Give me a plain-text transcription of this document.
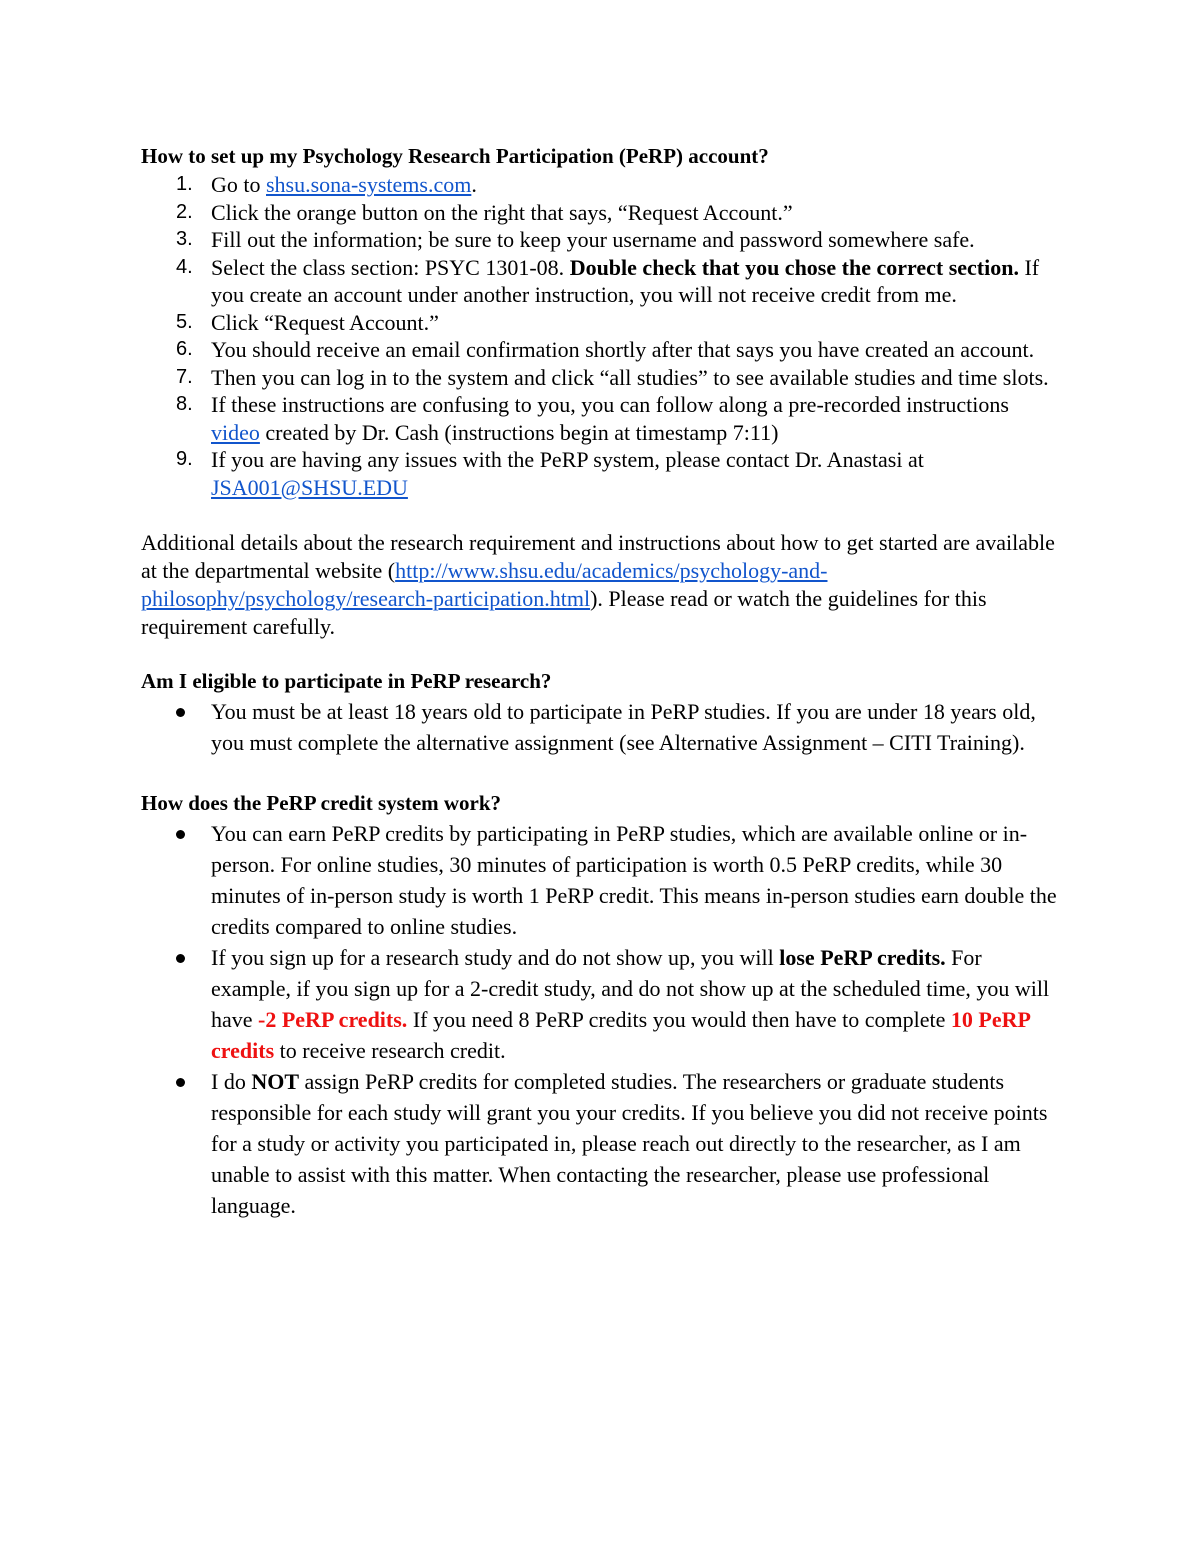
How to set up my Psychology Research Participation (PeRP) account?

1. Go to shsu.sona-systems.com.
2. Click the orange button on the right that says, “Request Account.”
3. Fill out the information; be sure to keep your username and password somewhere safe.
4. Select the class section: PSYC 1301-08. Double check that you chose the correct section. If you create an account under another instruction, you will not receive credit from me.
5. Click “Request Account.”
6. You should receive an email confirmation shortly after that says you have created an account.
7. Then you can log in to the system and click “all studies” to see available studies and time slots.
8. If these instructions are confusing to you, you can follow along a pre-recorded instructions video created by Dr. Cash (instructions begin at timestamp 7:11)
9. If you are having any issues with the PeRP system, please contact Dr. Anastasi at JSA001@SHSU.EDU

Additional details about the research requirement and instructions about how to get started are available at the departmental website (http://www.shsu.edu/academics/psychology-and-philosophy/psychology/research-participation.html). Please read or watch the guidelines for this requirement carefully.

Am I eligible to participate in PeRP research?

You must be at least 18 years old to participate in PeRP studies. If you are under 18 years old, you must complete the alternative assignment (see Alternative Assignment – CITI Training).

How does the PeRP credit system work?

You can earn PeRP credits by participating in PeRP studies, which are available online or in-person. For online studies, 30 minutes of participation is worth 0.5 PeRP credits, while 30 minutes of in-person study is worth 1 PeRP credit. This means in-person studies earn double the credits compared to online studies.
If you sign up for a research study and do not show up, you will lose PeRP credits. For example, if you sign up for a 2-credit study, and do not show up at the scheduled time, you will have -2 PeRP credits. If you need 8 PeRP credits you would then have to complete 10 PeRP credits to receive research credit.
I do NOT assign PeRP credits for completed studies. The researchers or graduate students responsible for each study will grant you your credits. If you believe you did not receive points for a study or activity you participated in, please reach out directly to the researcher, as I am unable to assist with this matter. When contacting the researcher, please use professional language.
